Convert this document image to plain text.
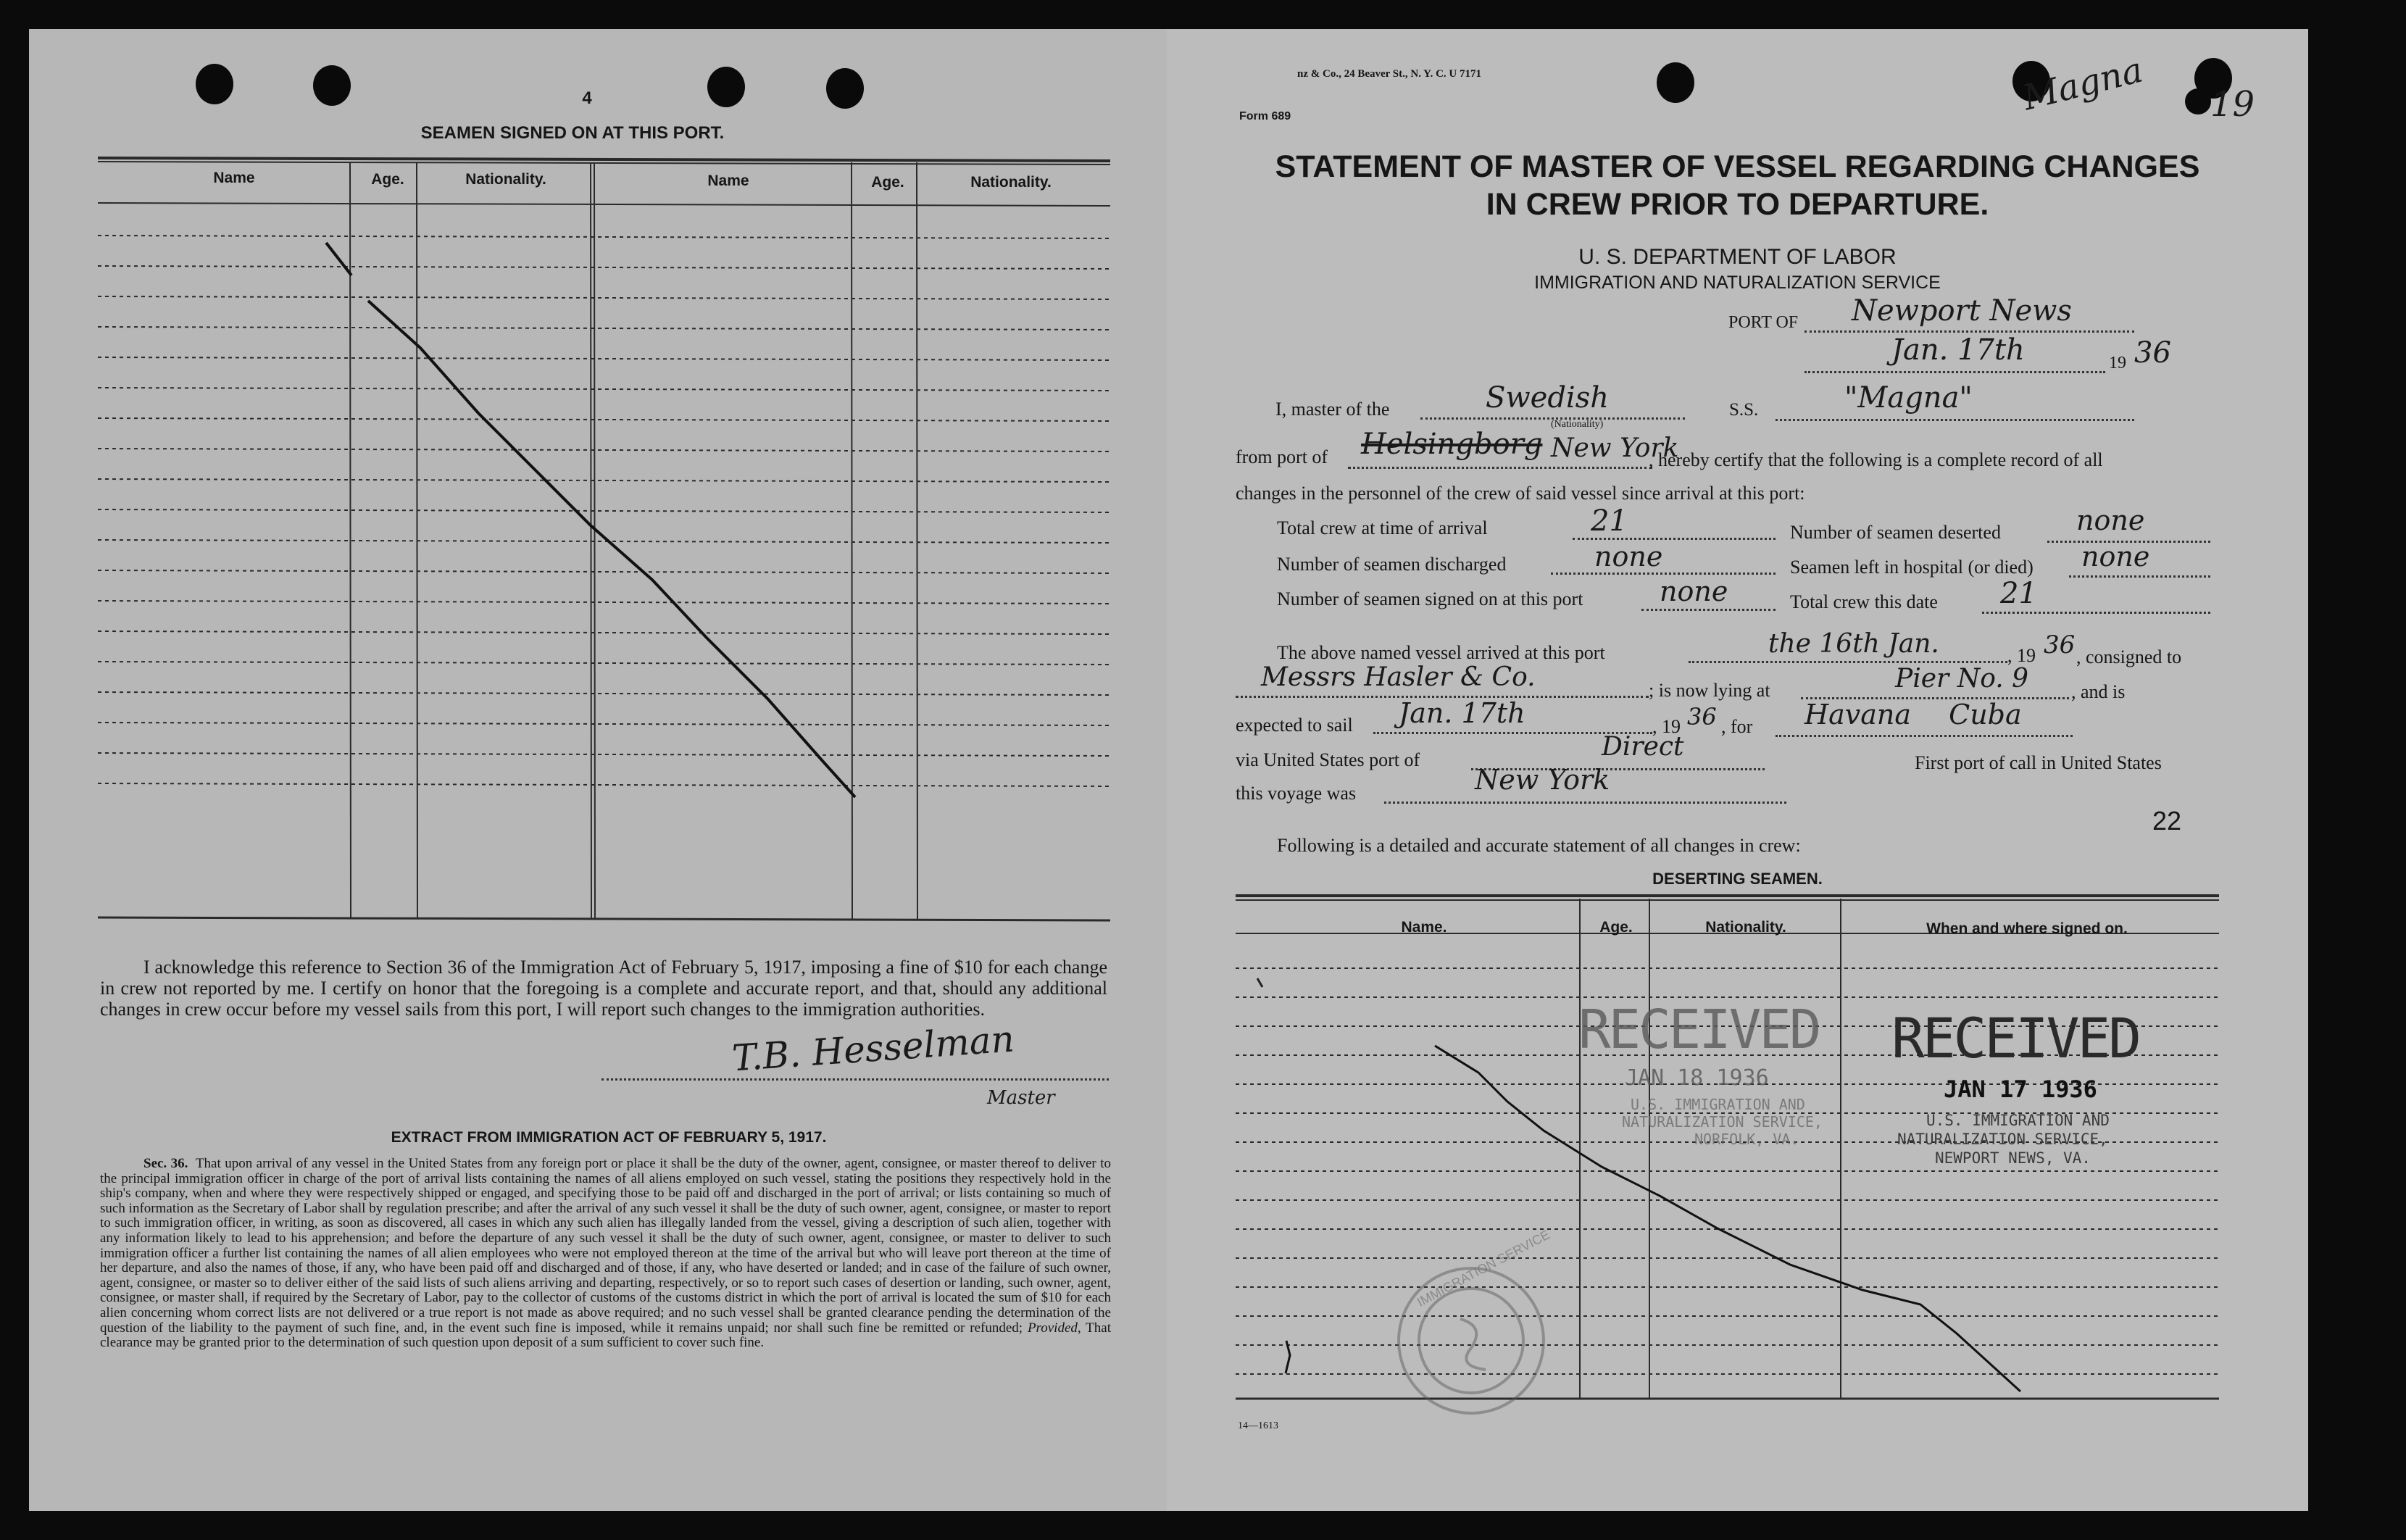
4
SEAMEN SIGNED ON AT THIS PORT.
Name	Age.	Nationality.	Name	Age.	Nationality.
I acknowledge this reference to Section 36 of the Immigration Act of February 5, 1917, imposing a fine of $10 for each change in crew not reported by me. I certify on honor that the foregoing is a complete and accurate report, and that, should any additional changes in crew occur before my vessel sails from this port, I will report such changes to the immigration authorities.
T.B. Hesselman
Master
EXTRACT FROM IMMIGRATION ACT OF FEBRUARY 5, 1917.
Sec. 36. That upon arrival of any vessel in the United States from any foreign port or place it shall be the duty of the owner, agent, consignee, or master thereof to deliver to the principal immigration officer in charge of the port of arrival lists containing the names of all aliens employed on such vessel, stating the positions they respectively hold in the ship's company, when and where they were respectively shipped or engaged, and specifying those to be paid off and discharged in the port of arrival; or lists containing so much of such information as the Secretary of Labor shall by regulation prescribe; and after the arrival of any such vessel it shall be the duty of such owner, agent, consignee, or master to report to such immigration officer, in writing, as soon as discovered, all cases in which any such alien has illegally landed from the vessel, giving a description of such alien, together with any information likely to lead to his apprehension; and before the departure of any such vessel it shall be the duty of such owner, agent, consignee, or master to deliver to such immigration officer a further list containing the names of all alien employees who were not employed thereon at the time of the arrival but who will leave port thereon at the time of her departure, and also the names of those, if any, who have been paid off and discharged and of those, if any, who have deserted or landed; and in case of the failure of such owner, agent, consignee, or master so to deliver either of the said lists of such aliens arriving and departing, respectively, or so to report such cases of desertion or landing, such owner, agent, consignee, or master shall, if required by the Secretary of Labor, pay to the collector of customs of the customs district in which the port of arrival is located the sum of $10 for each alien concerning whom correct lists are not delivered or a true report is not made as above required; and no such vessel shall be granted clearance pending the determination of the question of the liability to the payment of such fine, and, in the event such fine is imposed, while it remains unpaid; nor shall such fine be remitted or refunded; Provided, That clearance may be granted prior to the determination of such question upon deposit of a sum sufficient to cover such fine.
nz & Co., 24 Beaver St., N. Y. C. U 7171	Magna 19
Form 689
STATEMENT OF MASTER OF VESSEL REGARDING CHANGES
IN CREW PRIOR TO DEPARTURE.
U. S. DEPARTMENT OF LABOR
IMMIGRATION AND NATURALIZATION SERVICE
PORT OF Newport News
Jan. 17th	19 36
I, master of the	Swedish
(Nationality)
S.S.	"Magna"
from port of Helsingborg New York
, hereby certify that the following is a complete record of all
changes in the personnel of the crew of said vessel since arrival at this port:
Total crew at time of arrival	21	Number of seamen deserted	none
Number of seamen discharged	none	Seamen left in hospital (or died) none
Number of seamen signed on at this port	none	Total crew this date 21
The above named vessel arrived at this port	the 16th Jan.	, 19 36 , consigned to
Messrs Hasler & Co.	; is now lying at	Pier No. 9 , and is
expected to sail Jan. 17th	, 19 36 , for Havana Cuba
via United States port of	Direct
First port of call in United States
this voyage was	New York
22
Following is a detailed and accurate statement of all changes in crew:
DESERTING SEAMEN.
Name.	Age.	Nationality.	When and where signed on.
RECEIVED
JAN 18 1936
U.S. IMMIGRATION AND
NATURALIZATION SERVICE,
NORFOLK, VA.
RECEIVED
JAN 17 1936
U.S. IMMIGRATION AND
NATURALIZATION SERVICE,
NEWPORT NEWS, VA.
IMMIGRATION SERVICE
14—1613
